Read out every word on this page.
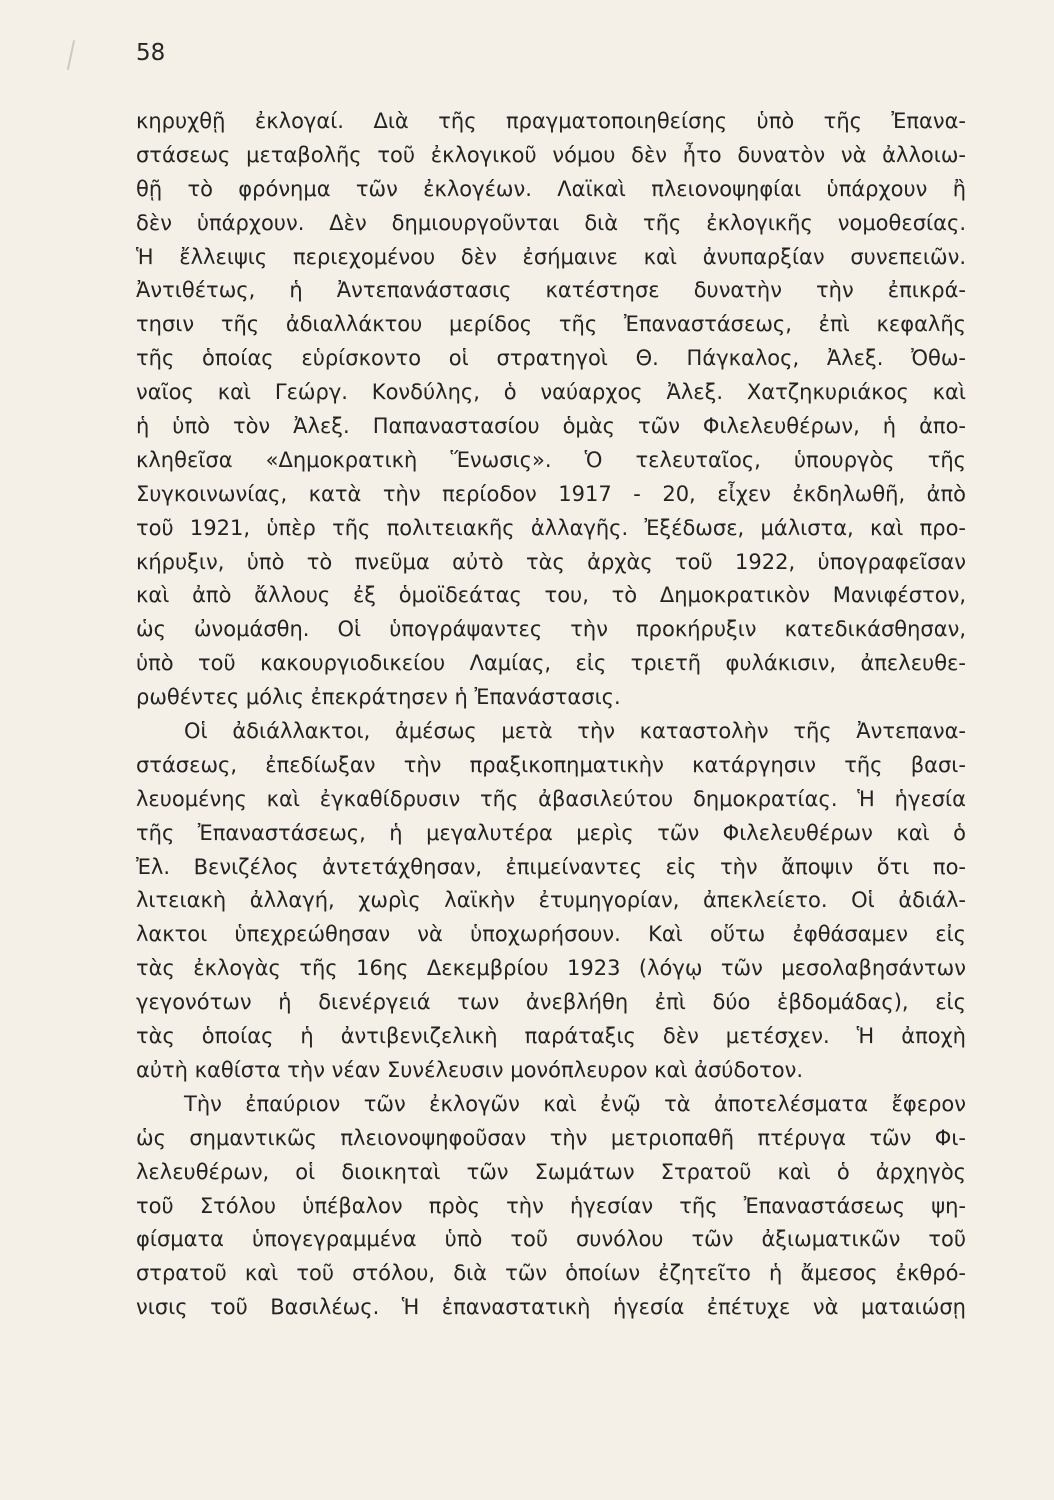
58
κηρυχθῇ ἐκλογαί. Διὰ τῆς πραγματοποιηθείσης ὑπὸ τῆς Ἐπανα-
στάσεως μεταβολῆς τοῦ ἐκλογικοῦ νόμου δὲν ἦτο δυνατὸν νὰ ἀλλοιω-
θῇ τὸ φρόνημα τῶν ἐκλογέων. Λαϊκαὶ πλειονοψηφίαι ὑπάρχουν ἢ
δὲν ὑπάρχουν. Δὲν δημιουργοῦνται διὰ τῆς ἐκλογικῆς νομοθεσίας.
Ἡ ἔλλειψις περιεχομένου δὲν ἐσήμαινε καὶ ἀνυπαρξίαν συνεπειῶν.
Ἀντιθέτως, ἡ Ἀντεπανάστασις κατέστησε δυνατὴν τὴν ἐπικρά-
τησιν τῆς ἀδιαλλάκτου μερίδος τῆς Ἐπαναστάσεως, ἐπὶ κεφαλῆς
τῆς ὁποίας εὑρίσκοντο οἱ στρατηγοὶ Θ. Πάγκαλος, Ἀλεξ. Ὀθω-
ναῖος καὶ Γεώργ. Κονδύλης, ὁ ναύαρχος Ἀλεξ. Χατζηκυριάκος καὶ
ἡ ὑπὸ τὸν Ἀλεξ. Παπαναστασίου ὁμὰς τῶν Φιλελευθέρων, ἡ ἀπο-
κληθεῖσα «Δημοκρατικὴ Ἕνωσις». Ὁ τελευταῖος, ὑπουργὸς τῆς
Συγκοινωνίας, κατὰ τὴν περίοδον 1917 - 20, εἶχεν ἐκδηλωθῆ, ἀπὸ
τοῦ 1921, ὑπὲρ τῆς πολιτειακῆς ἀλλαγῆς. Ἐξέδωσε, μάλιστα, καὶ προ-
κήρυξιν, ὑπὸ τὸ πνεῦμα αὐτὸ τὰς ἀρχὰς τοῦ 1922, ὑπογραφεῖσαν
καὶ ἀπὸ ἄλλους ἐξ ὁμοϊδεάτας του, τὸ Δημοκρατικὸν Μανιφέστον,
ὡς ὠνομάσθη. Οἱ ὑπογράψαντες τὴν προκήρυξιν κατεδικάσθησαν,
ὑπὸ τοῦ κακουργιοδικείου Λαμίας, εἰς τριετῆ φυλάκισιν, ἀπελευθε-
ρωθέντες μόλις ἐπεκράτησεν ἡ Ἐπανάστασις.
Οἱ ἀδιάλλακτοι, ἀμέσως μετὰ τὴν καταστολὴν τῆς Ἀντεπανα-
στάσεως, ἐπεδίωξαν τὴν πραξικοπηματικὴν κατάργησιν τῆς βασι-
λευομένης καὶ ἐγκαθίδρυσιν τῆς ἀβασιλεύτου δημοκρατίας. Ἡ ἡγεσία
τῆς Ἐπαναστάσεως, ἡ μεγαλυτέρα μερὶς τῶν Φιλελευθέρων καὶ ὁ
Ἐλ. Βενιζέλος ἀντετάχθησαν, ἐπιμείναντες εἰς τὴν ἄποψιν ὅτι πο-
λιτειακὴ ἀλλαγή, χωρὶς λαϊκὴν ἐτυμηγορίαν, ἀπεκλείετο. Οἱ ἀδιάλ-
λακτοι ὑπεχρεώθησαν νὰ ὑποχωρήσουν. Καὶ οὕτω ἐφθάσαμεν εἰς
τὰς ἐκλογὰς τῆς 16ης Δεκεμβρίου 1923 (λόγῳ τῶν μεσολαβησάντων
γεγονότων ἡ διενέργειά των ἀνεβλήθη ἐπὶ δύο ἑβδομάδας), εἰς
τὰς ὁποίας ἡ ἀντιβενιζελικὴ παράταξις δὲν μετέσχεν. Ἡ ἀποχὴ
αὐτὴ καθίστα τὴν νέαν Συνέλευσιν μονόπλευρον καὶ ἀσύδοτον.
Τὴν ἐπαύριον τῶν ἐκλογῶν καὶ ἐνῷ τὰ ἀποτελέσματα ἔφερον
ὡς σημαντικῶς πλειονοψηφοῦσαν τὴν μετριοπαθῆ πτέρυγα τῶν Φι-
λελευθέρων, οἱ διοικηταὶ τῶν Σωμάτων Στρατοῦ καὶ ὁ ἀρχηγὸς
τοῦ Στόλου ὑπέβαλον πρὸς τὴν ἡγεσίαν τῆς Ἐπαναστάσεως ψη-
φίσματα ὑπογεγραμμένα ὑπὸ τοῦ συνόλου τῶν ἀξιωματικῶν τοῦ
στρατοῦ καὶ τοῦ στόλου, διὰ τῶν ὁποίων ἐζητεῖτο ἡ ἄμεσος ἐκθρό-
νισις τοῦ Βασιλέως. Ἡ ἐπαναστατικὴ ἡγεσία ἐπέτυχε νὰ ματαιώσῃ
